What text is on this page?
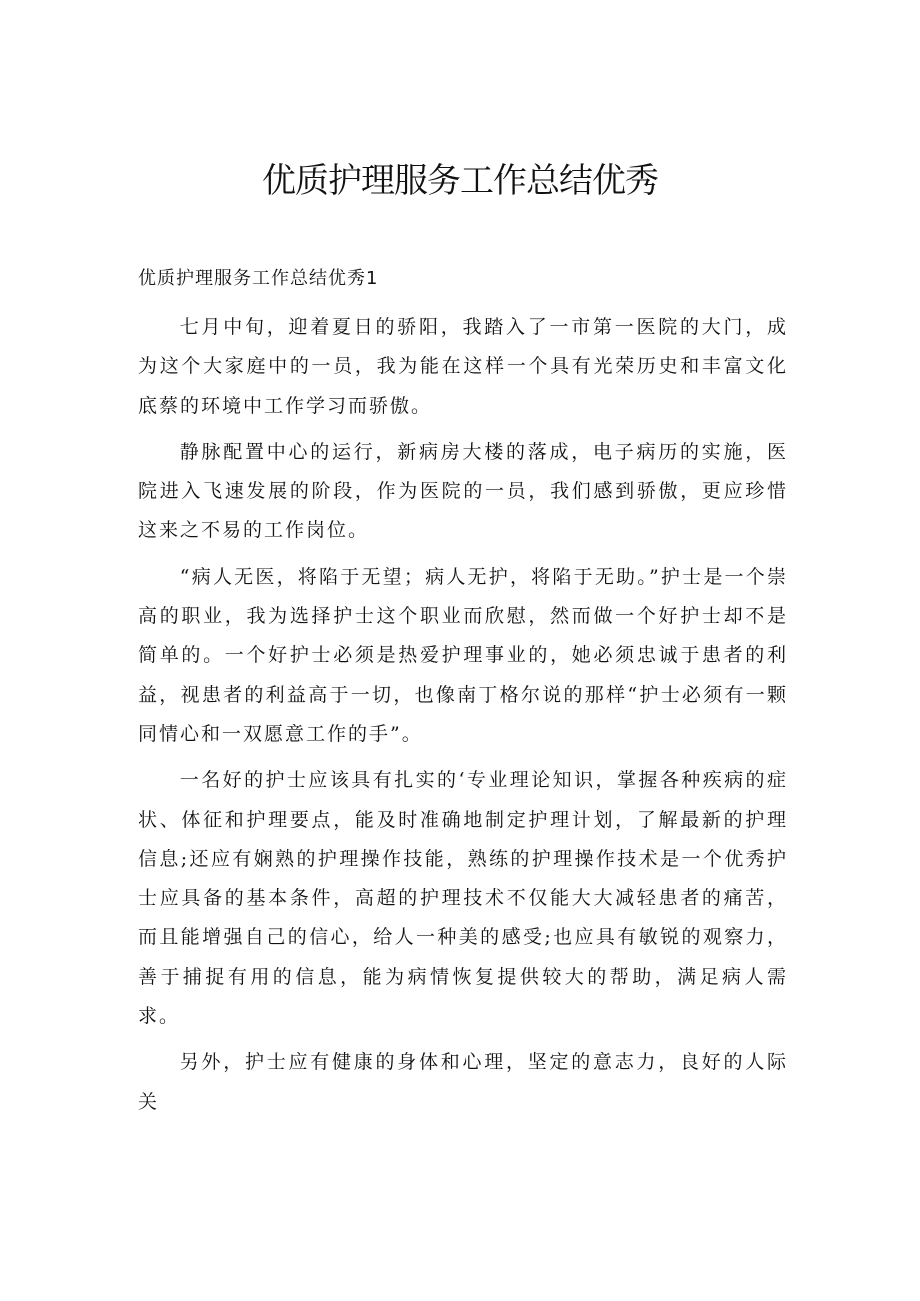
优质护理服务工作总结优秀

优质护理服务工作总结优秀1

七月中旬，迎着夏日的骄阳，我踏入了一市第一医院的大门，成为这个大家庭中的一员，我为能在这样一个具有光荣历史和丰富文化底蔡的环境中工作学习而骄傲。

静脉配置中心的运行，新病房大楼的落成，电子病历的实施，医院进入飞速发展的阶段，作为医院的一员，我们感到骄傲，更应珍惜这来之不易的工作岗位。

“病人无医，将陷于无望；病人无护，将陷于无助。”护士是一个崇高的职业，我为选择护士这个职业而欣慰，然而做一个好护士却不是简单的。一个好护士必须是热爱护理事业的，她必须忠诚于患者的利益，视患者的利益高于一切，也像南丁格尔说的那样“护士必须有一颗同情心和一双愿意工作的手”。

一名好的护士应该具有扎实的‘专业理论知识，掌握各种疾病的症状、体征和护理要点，能及时准确地制定护理计划，了解最新的护理信息;还应有娴熟的护理操作技能，熟练的护理操作技术是一个优秀护士应具备的基本条件，高超的护理技术不仅能大大减轻患者的痛苦，而且能增强自己的信心，给人一种美的感受;也应具有敏锐的观察力，善于捕捉有用的信息，能为病情恢复提供较大的帮助，满足病人需求。

另外，护士应有健康的身体和心理，坚定的意志力，良好的人际关
